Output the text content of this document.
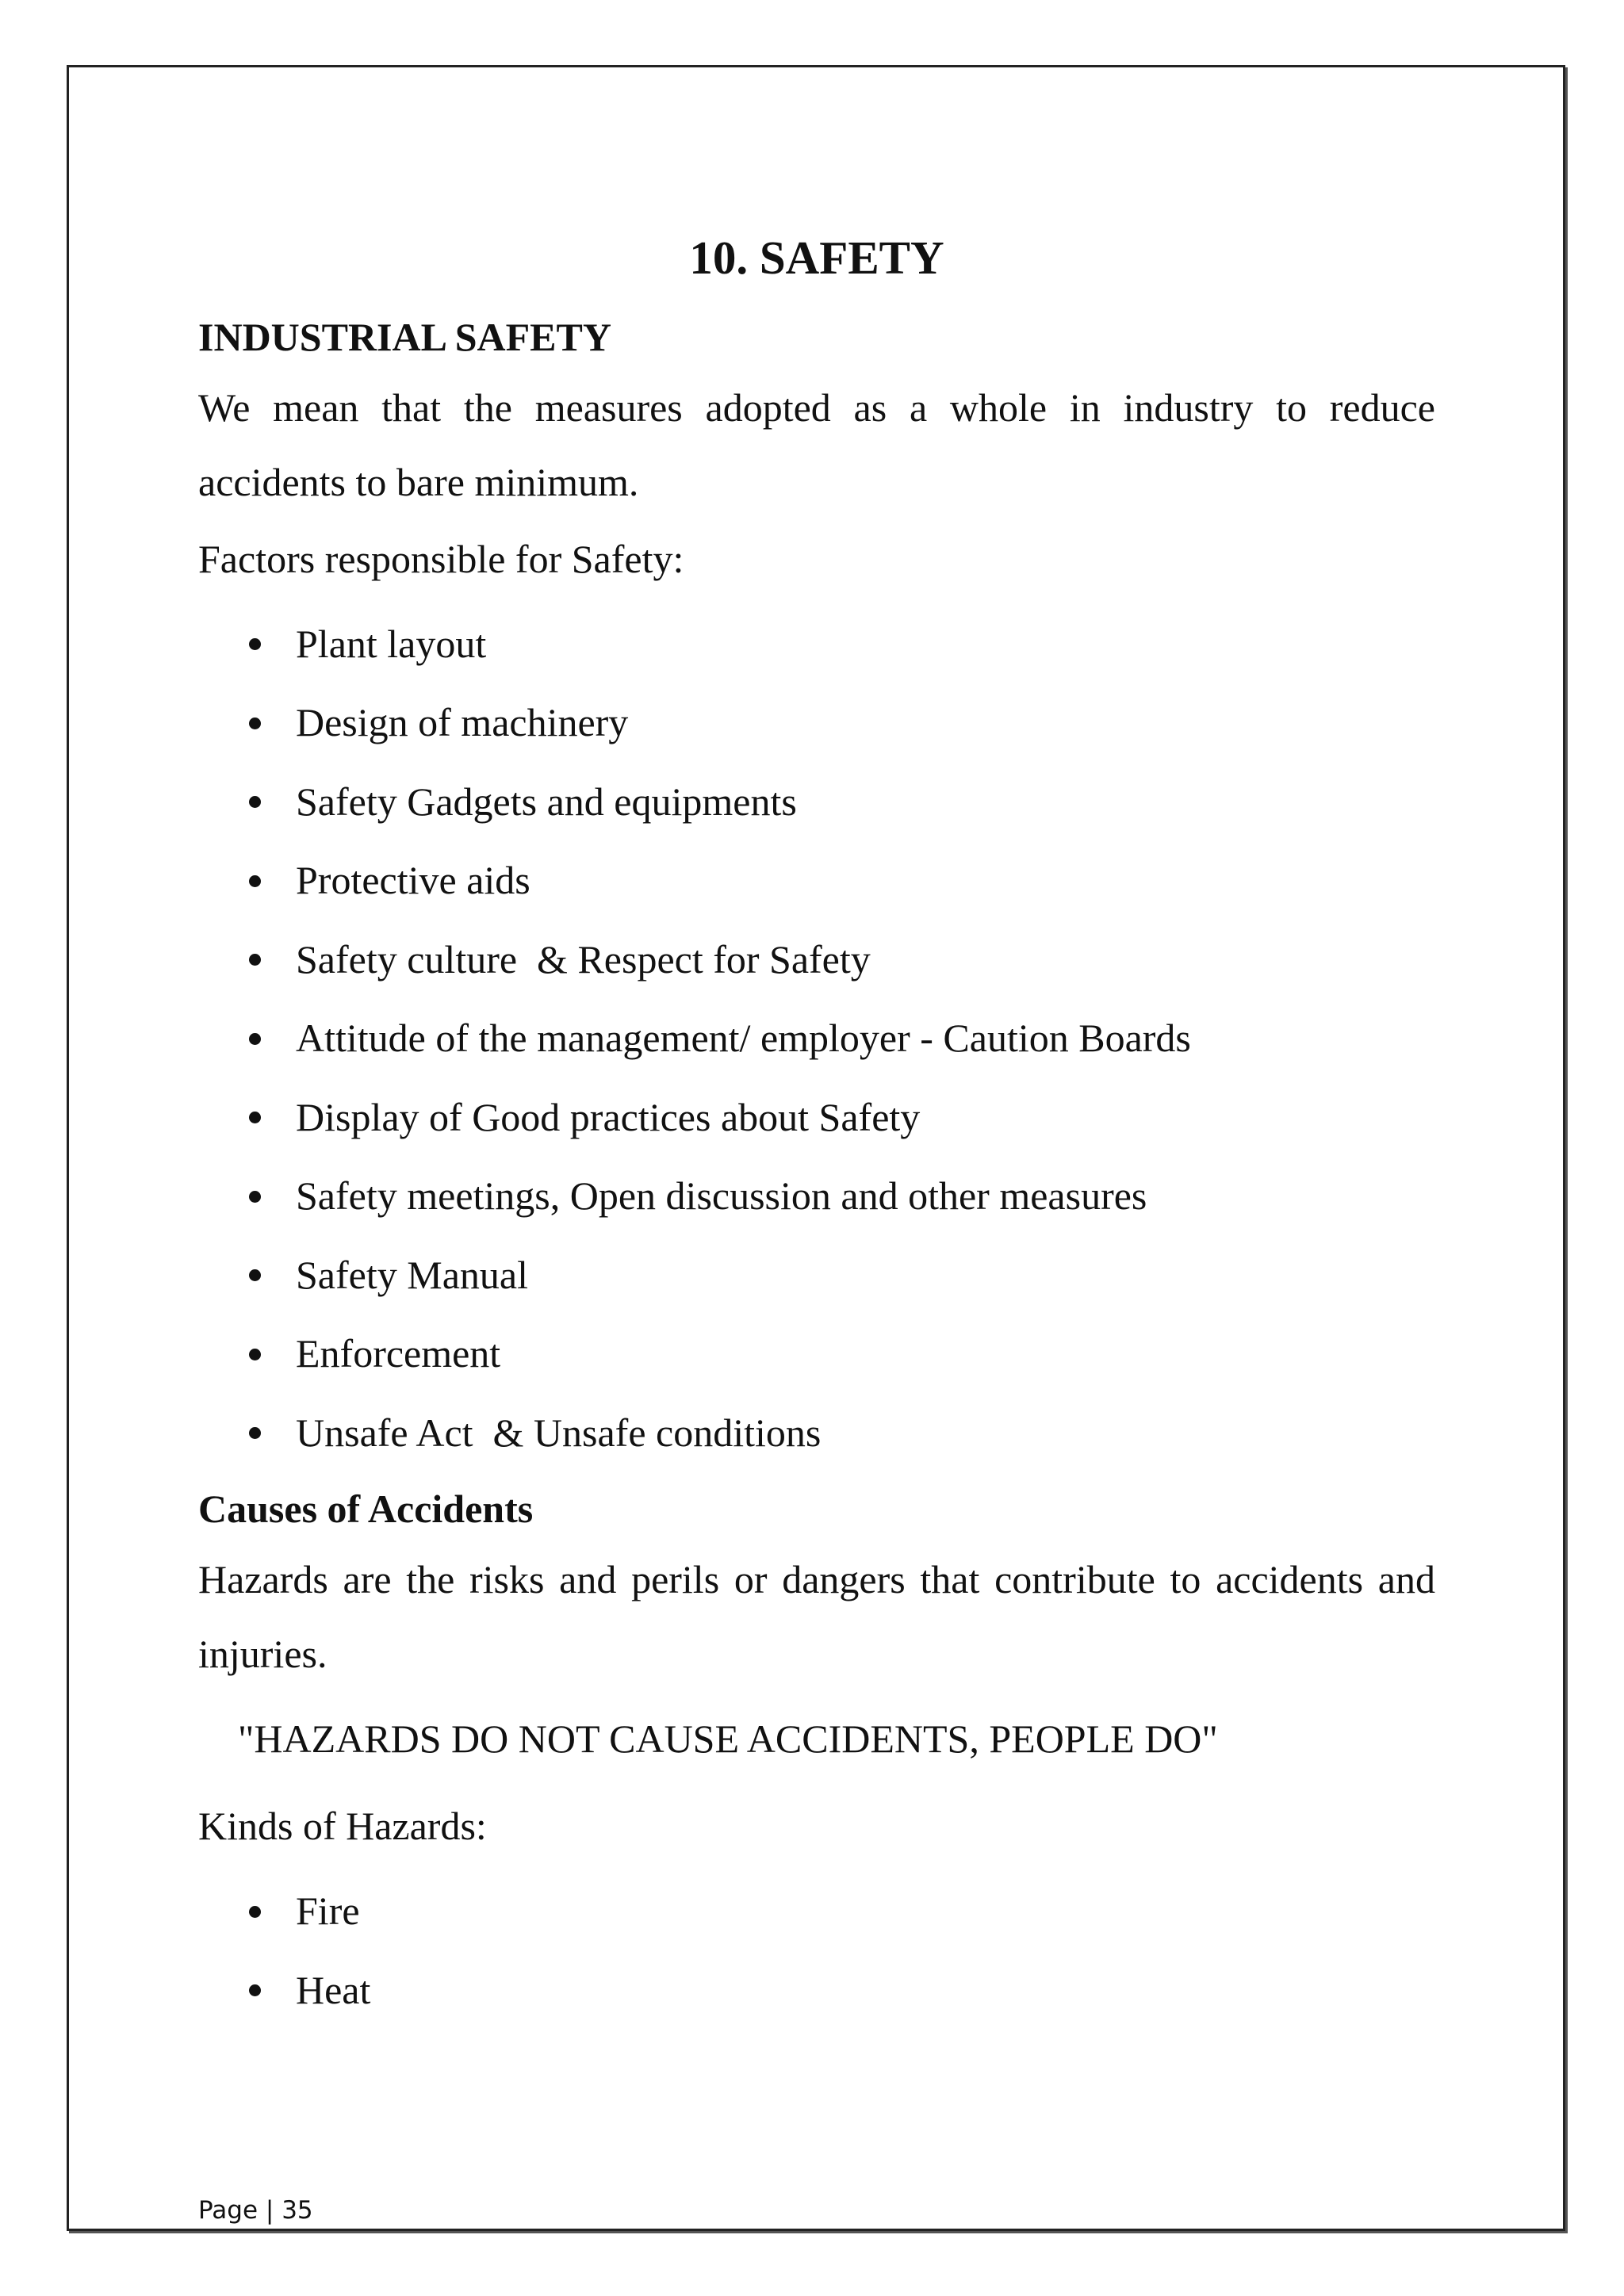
10. SAFETY
INDUSTRIAL SAFETY

We mean that the measures adopted as a whole in industry to reduce accidents to bare minimum.

Factors responsible for Safety:

Plant layout
Design of machinery
Safety Gadgets and equipments
Protective aids
Safety culture  & Respect for Safety
Attitude of the management/ employer - Caution Boards
Display of Good practices about Safety
Safety meetings, Open discussion and other measures
Safety Manual
Enforcement
Unsafe Act  & Unsafe conditions
Causes of Accidents

Hazards are the risks and perils or dangers that contribute to accidents and injuries.

"HAZARDS DO NOT CAUSE ACCIDENTS, PEOPLE DO"

Kinds of Hazards:

Fire
Heat
Page | 35
